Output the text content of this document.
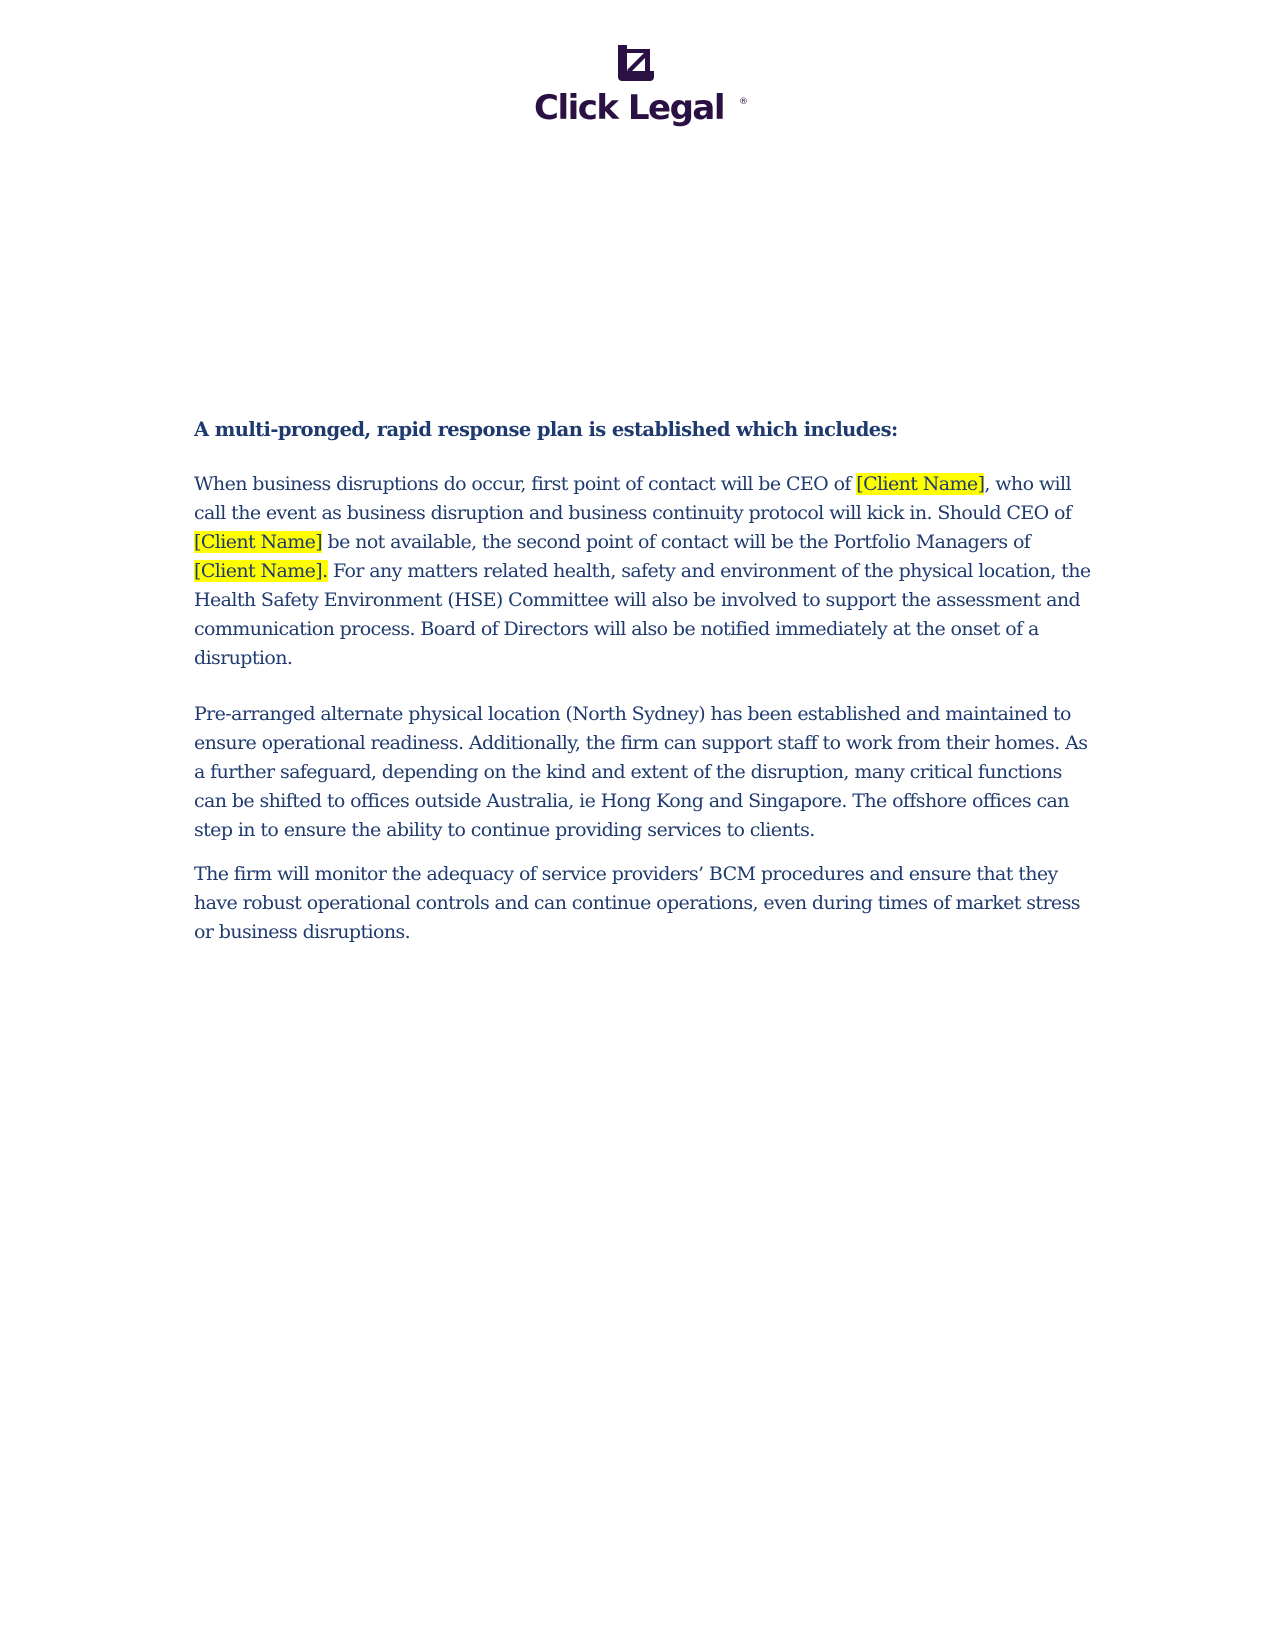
Click Legal ®

A multi-pronged, rapid response plan is established which includes:

When business disruptions do occur, first point of contact will be CEO of [Client Name], who will call the event as business disruption and business continuity protocol will kick in. Should CEO of [Client Name] be not available, the second point of contact will be the Portfolio Managers of [Client Name]. For any matters related health, safety and environment of the physical location, the Health Safety Environment (HSE) Committee will also be involved to support the assessment and communication process. Board of Directors will also be notified immediately at the onset of a disruption.

Pre-arranged alternate physical location (North Sydney) has been established and maintained to ensure operational readiness. Additionally, the firm can support staff to work from their homes. As a further safeguard, depending on the kind and extent of the disruption, many critical functions can be shifted to offices outside Australia, ie Hong Kong and Singapore. The offshore offices can step in to ensure the ability to continue providing services to clients.

The firm will monitor the adequacy of service providers’ BCM procedures and ensure that they have robust operational controls and can continue operations, even during times of market stress or business disruptions.
